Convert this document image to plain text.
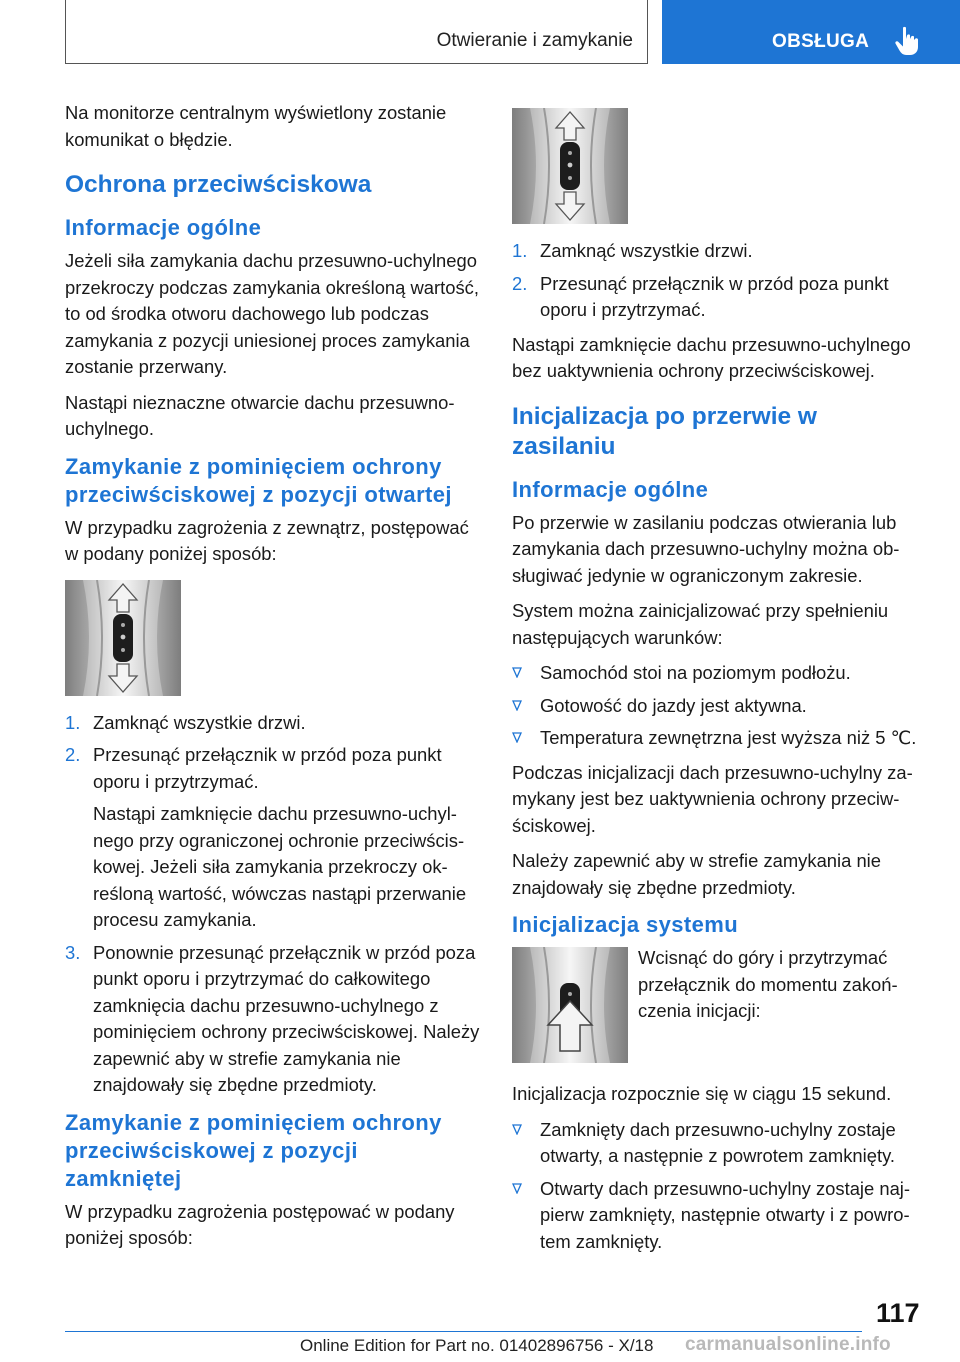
Otwieranie i zamykanie	OBSŁUGA

Na monitorze centralnym wyświetlony zostanie komunikat o błędzie.

Ochrona przeciwściskowa
Informacje ogólne

Jeżeli siła zamykania dachu przesuwno-uchylnego przekroczy podczas zamykania określoną wartość, to od środka otworu dachowego lub podczas zamykania z pozycji uniesionej proces zamykania zostanie przerwany.

Nastąpi nieznaczne otwarcie dachu przesuwno-uchylnego.

Zamykanie z pominięciem ochrony przeciwściskowej z pozycji otwartej

W przypadku zagrożenia z zewnątrz, postępować w podany poniżej sposób:

1. Zamknąć wszystkie drzwi.
2. Przesunąć przełącznik w przód poza punkt oporu i przytrzymać.
Nastąpi zamknięcie dachu przesuwno-uchylnego przy ograniczonej ochronie przeciwściskowej. Jeżeli siła zamykania przekroczy określoną wartość, wówczas nastąpi przerwanie procesu zamykania.
3. Ponownie przesunąć przełącznik w przód poza punkt oporu i przytrzymać do całkowitego zamknięcia dachu przesuwno-uchylnego z pominięciem ochrony przeciwściskowej. Należy zapewnić aby w strefie zamykania nie znajdowały się zbędne przedmioty.
Zamykanie z pominięciem ochrony przeciwściskowej z pozycji zamkniętej

W przypadku zagrożenia postępować w podany poniżej sposób:

1. Zamknąć wszystkie drzwi.
2. Przesunąć przełącznik w przód poza punkt oporu i przytrzymać.

Nastąpi zamknięcie dachu przesuwno-uchylnego bez uaktywnienia ochrony przeciwściskowej.

Inicjalizacja po przerwie w zasilaniu
Informacje ogólne

Po przerwie w zasilaniu podczas otwierania lub zamykania dach przesuwno-uchylny można obsługiwać jedynie w ograniczonym zakresie.

System można zainicjalizować przy spełnieniu następujących warunków:

Samochód stoi na poziomym podłożu.
Gotowość do jazdy jest aktywna.
Temperatura zewnętrzna jest wyższa niż 5 ℃.

Podczas inicjalizacji dach przesuwno-uchylny zamykany jest bez uaktywnienia ochrony przeciwściskowej.

Należy zapewnić aby w strefie zamykania nie znajdowały się zbędne przedmioty.

Inicjalizacja systemu

Wcisnąć do góry i przytrzymać przełącznik do momentu zakończenia inicjacji:

Inicjalizacja rozpocznie się w ciągu 15 sekund.

Zamknięty dach przesuwno-uchylny zostaje otwarty, a następnie z powrotem zamknięty.
Otwarty dach przesuwno-uchylny zostaje najpierw zamknięty, następnie otwarty i z powrotem zamknięty.
117
Online Edition for Part no. 01402896756 - X/18 carmanualsonline.info
